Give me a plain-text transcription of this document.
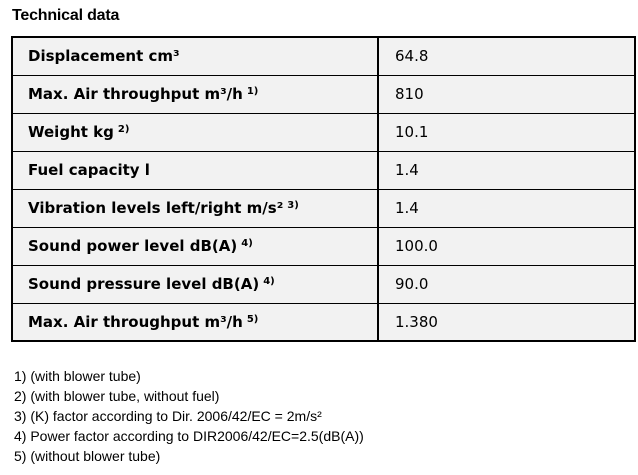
Technical data
Displacement cm³	64.8
Max. Air throughput m³/h $^{1)}$	810
Weight kg $^{2)}$	10.1
Fuel capacity l	1.4
Vibration levels left/right m/s² $^{3)}$	1.4
Sound power level dB(A) $^{4)}$	100.0
Sound pressure level dB(A) $^{4)}$	90.0
Max. Air throughput m³/h $^{5)}$	1.380
1) (with blower tube)
2) (with blower tube, without fuel)
3) (K) factor according to Dir. 2006/42/EC = 2m/s²
4) Power factor according to DIR2006/42/EC=2.5(dB(A))
5) (without blower tube)
